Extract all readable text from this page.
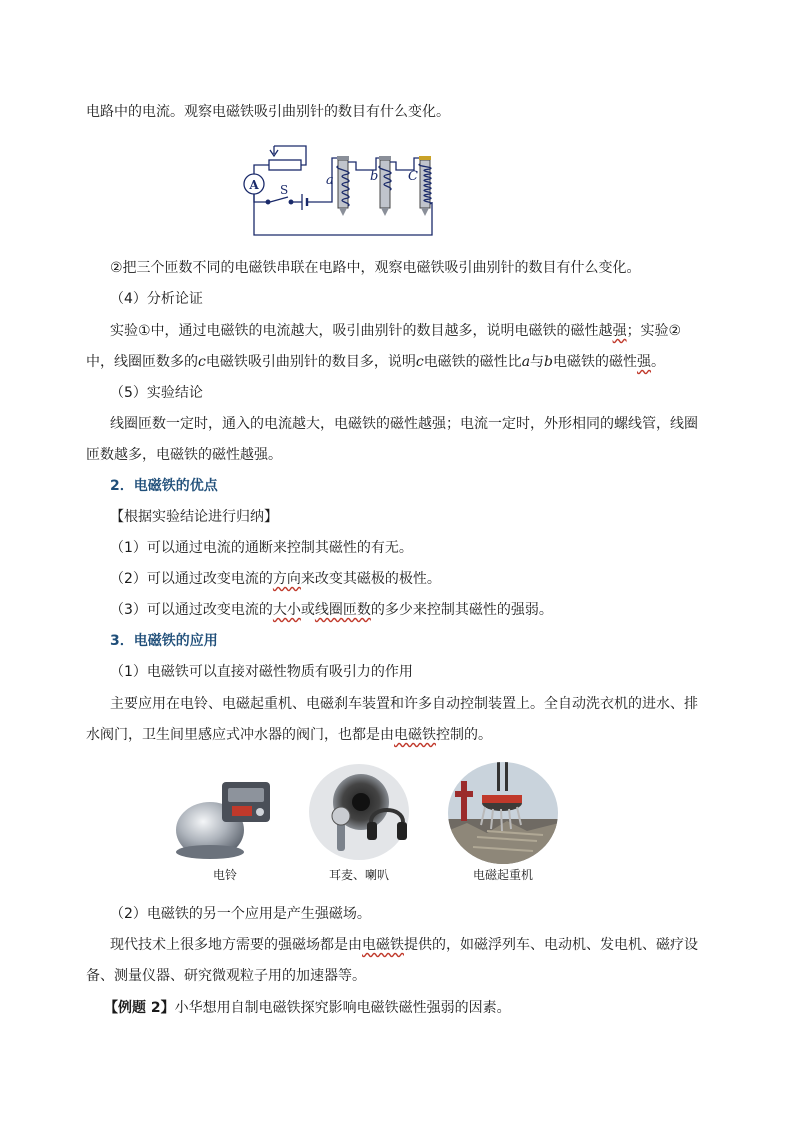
电路中的电流。观察电磁铁吸引曲别针的数目有什么变化。
A S
a	b C
②把三个匝数不同的电磁铁串联在电路中，观察电磁铁吸引曲别针的数目有什么变化。
（4）分析论证
实验①中，通过电磁铁的电流越大，吸引曲别针的数目越多，说明电磁铁的磁性越强；实验②
中，线圈匝数多的c电磁铁吸引曲别针的数目多，说明c电磁铁的磁性比a与b电磁铁的磁性强。
（5）实验结论
线圈匝数一定时，通入的电流越大，电磁铁的磁性越强；电流一定时，外形相同的螺线管，线圈
匝数越多，电磁铁的磁性越强。
2．电磁铁的优点
【根据实验结论进行归纳】
（1）可以通过电流的通断来控制其磁性的有无。
（2）可以通过改变电流的方向来改变其磁极的极性。
（3）可以通过改变电流的大小或线圈匝数的多少来控制其磁性的强弱。
3．电磁铁的应用
（1）电磁铁可以直接对磁性物质有吸引力的作用
主要应用在电铃、电磁起重机、电磁刹车装置和许多自动控制装置上。全自动洗衣机的进水、排
水阀门，卫生间里感应式冲水器的阀门，也都是由电磁铁控制的。
电铃	耳麦、喇叭	电磁起重机
（2）电磁铁的另一个应用是产生强磁场。
现代技术上很多地方需要的强磁场都是由电磁铁提供的，如磁浮列车、电动机、发电机、磁疗设
备、测量仪器、研究微观粒子用的加速器等。
【例题 2】小华想用自制电磁铁探究影响电磁铁磁性强弱的因素。
